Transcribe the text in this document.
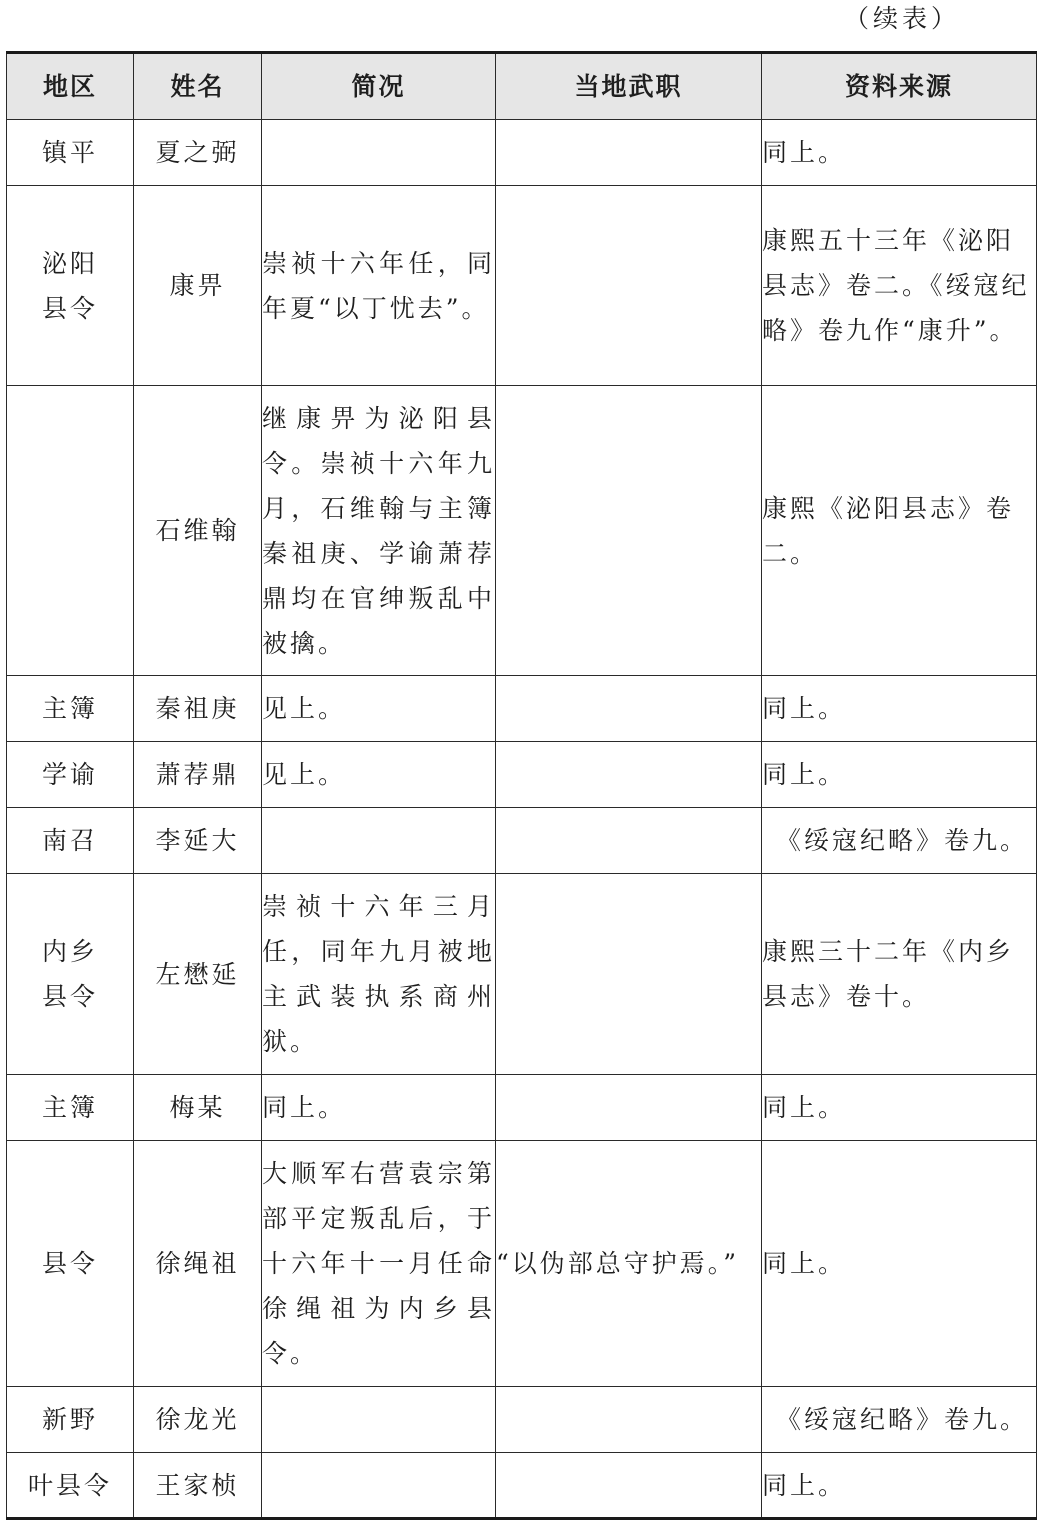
（续表）
地区	姓名	简况	当地武职	资料来源
镇平	夏之弼			同上。
泌阳县令	康畀	崇祯十六年任，同年夏“以丁忧去”。		康熙五十三年《泌阳县志》卷二。《绥寇纪略》卷九作“康升”。
	石维翰	继康畀为泌阳县令。崇祯十六年九月，石维翰与主簿秦祖庚、学谕萧荐鼎均在官绅叛乱中被擒。		康熙《泌阳县志》卷二。
主簿	秦祖庚	见上。		同上。
学谕	萧荐鼎	见上。		同上。
南召	李延大			《绥寇纪略》卷九。
内乡县令	左懋延	崇祯十六年三月任，同年九月被地主武装执系商州狱。		康熙三十二年《内乡县志》卷十。
主簿	梅某	同上。		同上。
县令	徐绳祖	大顺军右营袁宗第部平定叛乱后，于十六年十一月任命徐绳祖为内乡县令。	“以伪部总守护焉。”	同上。
新野	徐龙光			《绥寇纪略》卷九。
叶县令	王家桢			同上。
